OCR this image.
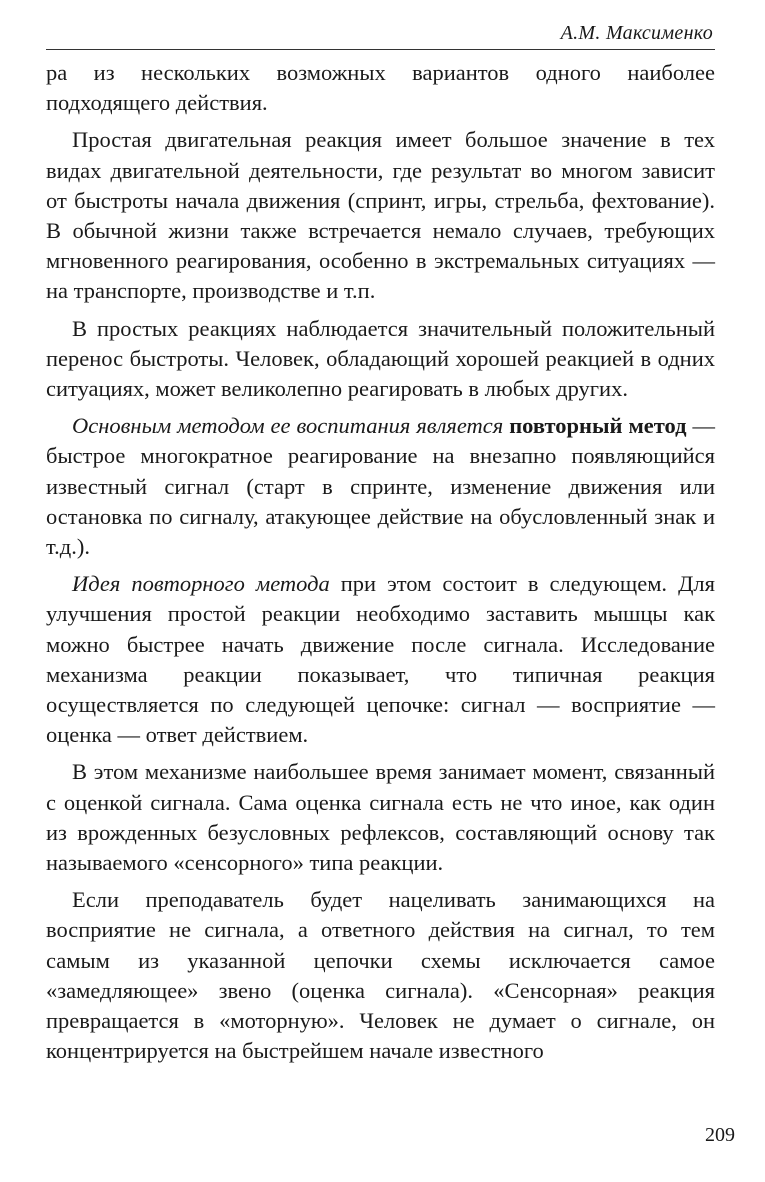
А.М. Максименко

ра из нескольких возможных вариантов одного наиболее подходящего действия.

Простая двигательная реакция имеет большое значение в тех видах двигательной деятельности, где результат во многом зависит от быстроты начала движения (спринт, игры, стрельба, фехтование). В обычной жизни также встречается немало случаев, требующих мгновенного реагирования, особенно в экстремальных ситуациях — на транспорте, производстве и т.п.

В простых реакциях наблюдается значительный положительный перенос быстроты. Человек, обладающий хорошей реакцией в одних ситуациях, может великолепно реагировать в любых других.

Основным методом ее воспитания является повторный метод — быстрое многократное реагирование на внезапно появляющийся известный сигнал (старт в спринте, изменение движения или остановка по сигналу, атакующее действие на обусловленный знак и т.д.).

Идея повторного метода при этом состоит в следующем. Для улучшения простой реакции необходимо заставить мышцы как можно быстрее начать движение после сигнала. Исследование механизма реакции показывает, что типичная реакция осуществляется по следующей цепочке: сигнал — восприятие — оценка — ответ действием.

В этом механизме наибольшее время занимает момент, связанный с оценкой сигнала. Сама оценка сигнала есть не что иное, как один из врожденных безусловных рефлексов, составляющий основу так называемого «сенсорного» типа реакции.

Если преподаватель будет нацеливать занимающихся на восприятие не сигнала, а ответного действия на сигнал, то тем самым из указанной цепочки схемы исключается самое «замедляющее» звено (оценка сигнала). «Сенсорная» реакция превращается в «моторную». Человек не думает о сигнале, он концентрируется на быстрейшем начале известного

209
